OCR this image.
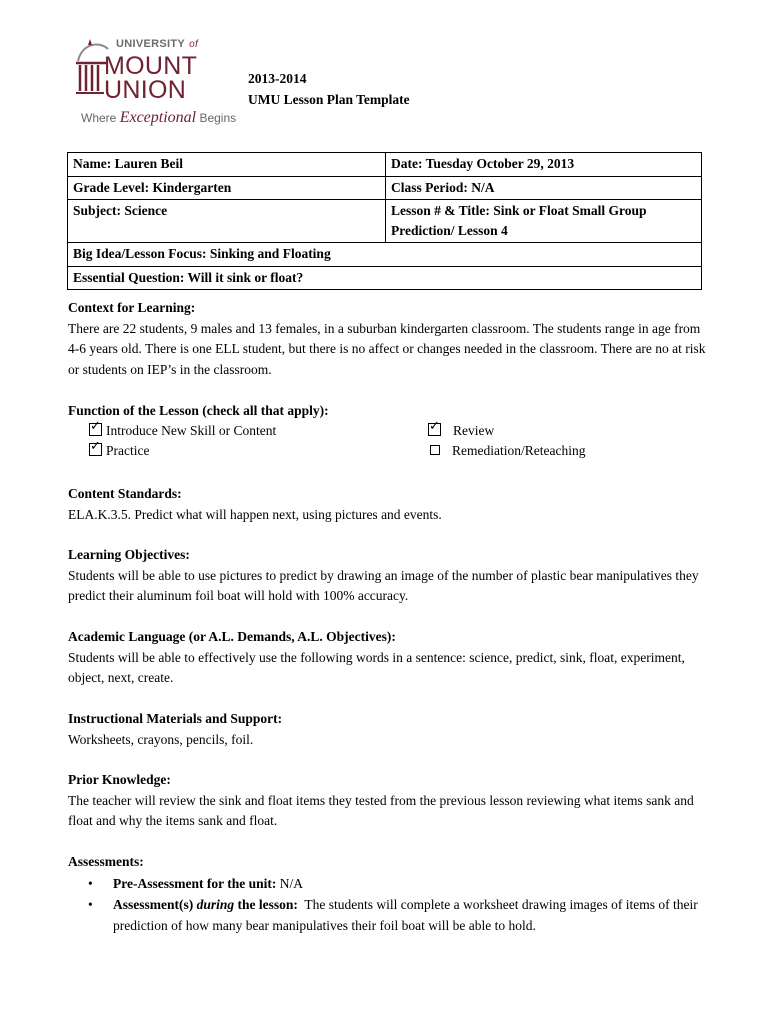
UNIVERSITY of
MOUNT
UNION
Where Exceptional Begins
2013-2014
UMU Lesson Plan Template
Name: Lauren Beil	Date: Tuesday October 29, 2013
Grade Level: Kindergarten	Class Period: N/A
Subject: Science	Lesson # & Title: Sink or Float Small Group Prediction/ Lesson 4
Big Idea/Lesson Focus: Sinking and Floating	
Essential Question: Will it sink or float?	
Context for Learning:
There are 22 students, 9 males and 13 females, in a suburban kindergarten classroom. The students range in age from 4-6 years old. There is one ELL student, but there is no affect or changes needed in the classroom. There are no at risk or students on IEP’s in the classroom.
Function of the Lesson (check all that apply):
✓ Introduce New Skill or Content
✓ Practice
✓ Review
Remediation/Reteaching
Content Standards:
ELA.K.3.5. Predict what will happen next, using pictures and events.
Learning Objectives:
Students will be able to use pictures to predict by drawing an image of the number of plastic bear manipulatives they predict their aluminum foil boat will hold with 100% accuracy.
Academic Language (or A.L. Demands, A.L. Objectives):
Students will be able to effectively use the following words in a sentence: science, predict, sink, float, experiment, object, next, create.
Instructional Materials and Support:
Worksheets, crayons, pencils, foil.
Prior Knowledge:
The teacher will review the sink and float items they tested from the previous lesson reviewing what items sank and float and why the items sank and float.
Assessments:
• Pre-Assessment for the unit: N/A
• Assessment(s) during the lesson: The students will complete a worksheet drawing images of items of their prediction of how many bear manipulatives their foil boat will be able to hold.
